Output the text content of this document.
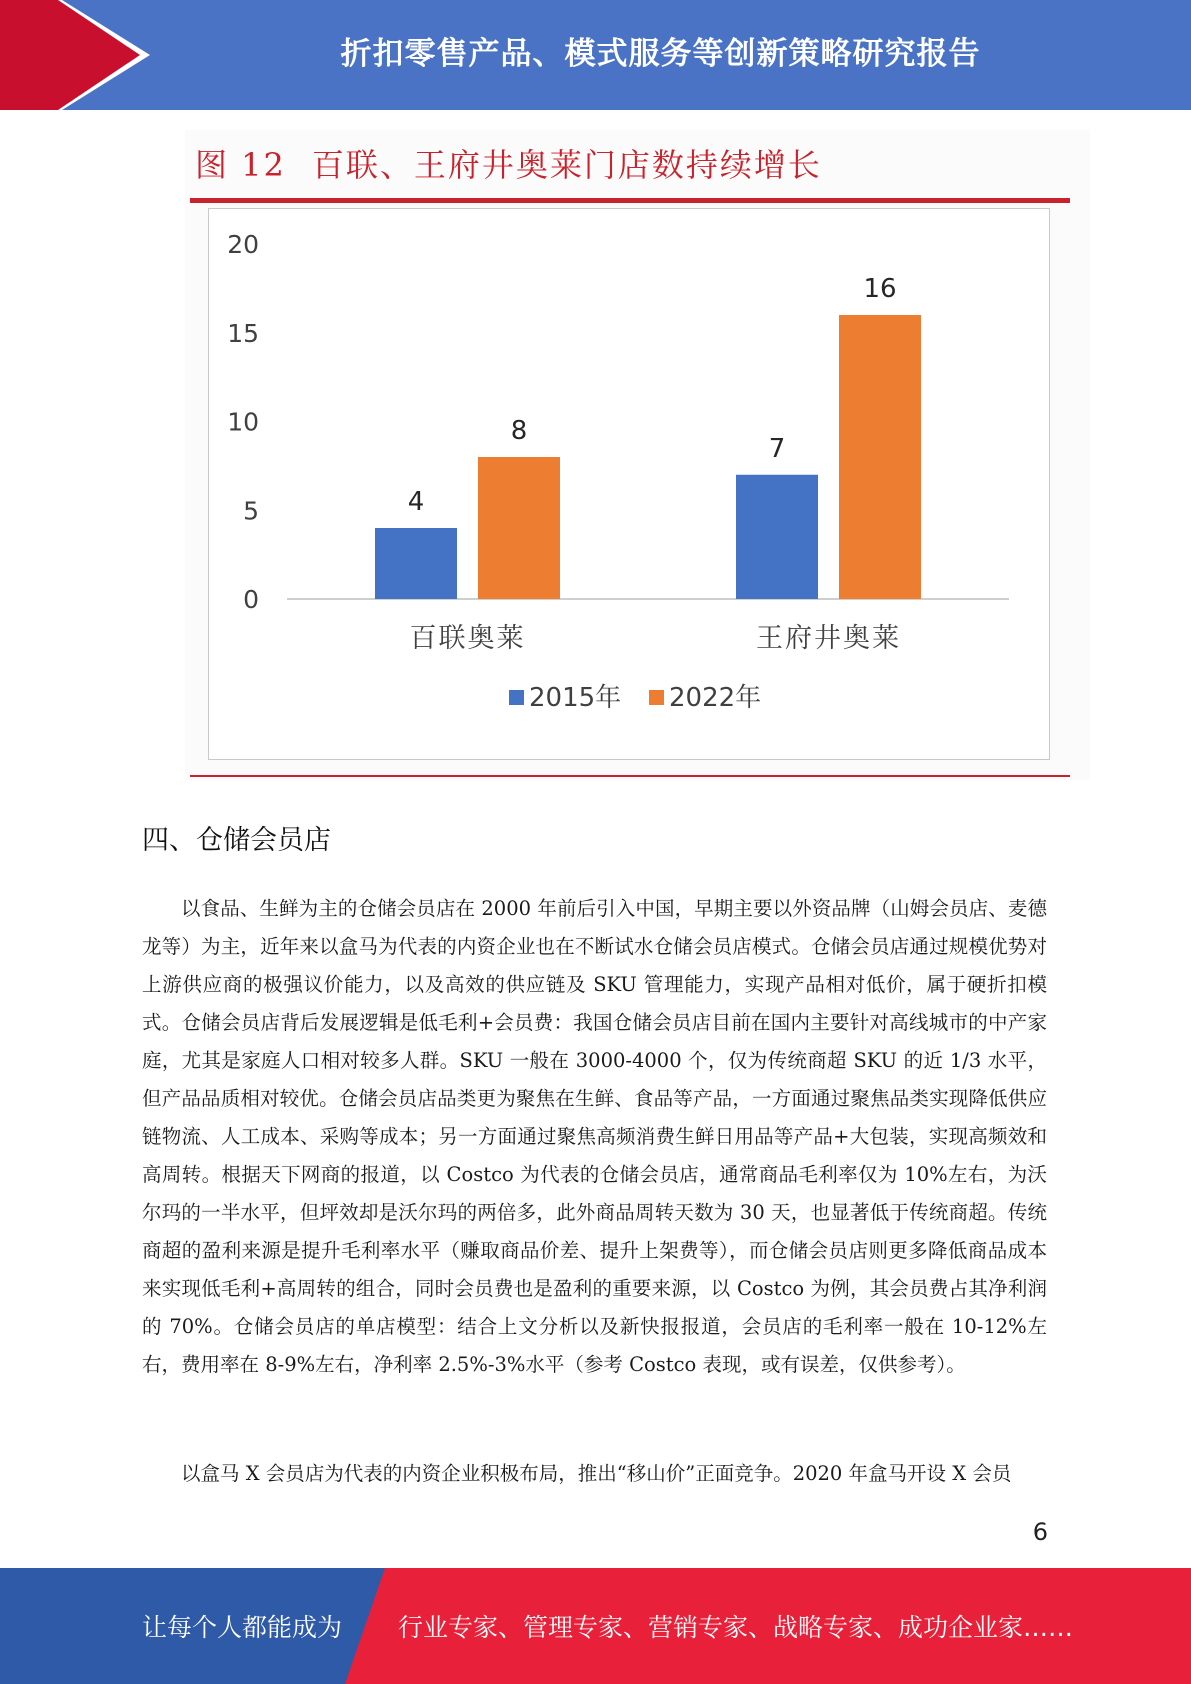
折扣零售产品、模式服务等创新策略研究报告
图 12 百联、王府井奥莱门店数持续增长
0
5
10
15
20
4
8
百联奥莱
7
16
王府井奥莱
2015年 2022年
四、仓储会员店

以食品、生鲜为主的仓储会员店在 2000 年前后引入中国，早期主要以外资品牌（山姆会员店、麦德龙等）为主，近年来以盒马为代表的内资企业也在不断试水仓储会员店模式。仓储会员店通过规模优势对上游供应商的极强议价能力，以及高效的供应链及 SKU 管理能力，实现产品相对低价，属于硬折扣模式。仓储会员店背后发展逻辑是低毛利+会员费：我国仓储会员店目前在国内主要针对高线城市的中产家庭，尤其是家庭人口相对较多人群。SKU 一般在 3000-4000 个，仅为传统商超 SKU 的近 1/3 水平，但产品品质相对较优。仓储会员店品类更为聚焦在生鲜、食品等产品，一方面通过聚焦品类实现降低供应链物流、人工成本、采购等成本；另一方面通过聚焦高频消费生鲜日用品等产品+大包装，实现高频效和高周转。根据天下网商的报道，以 Costco 为代表的仓储会员店，通常商品毛利率仅为 10%左右，为沃尔玛的一半水平，但坪效却是沃尔玛的两倍多，此外商品周转天数为 30 天，也显著低于传统商超。传统商超的盈利来源是提升毛利率水平（赚取商品价差、提升上架费等），而仓储会员店则更多降低商品成本来实现低毛利+高周转的组合，同时会员费也是盈利的重要来源，以 Costco 为例，其会员费占其净利润的 70%。仓储会员店的单店模型：结合上文分析以及新快报报道，会员店的毛利率一般在 10-12%左右，费用率在 8-9%左右，净利率 2.5%-3%水平（参考 Costco 表现，或有误差，仅供参考）。

以盒马 X 会员店为代表的内资企业积极布局，推出“移山价”正面竞争。2020 年盒马开设 X 会员

6
让每个人都能成为 行业专家、管理专家、营销专家、战略专家、成功企业家……
